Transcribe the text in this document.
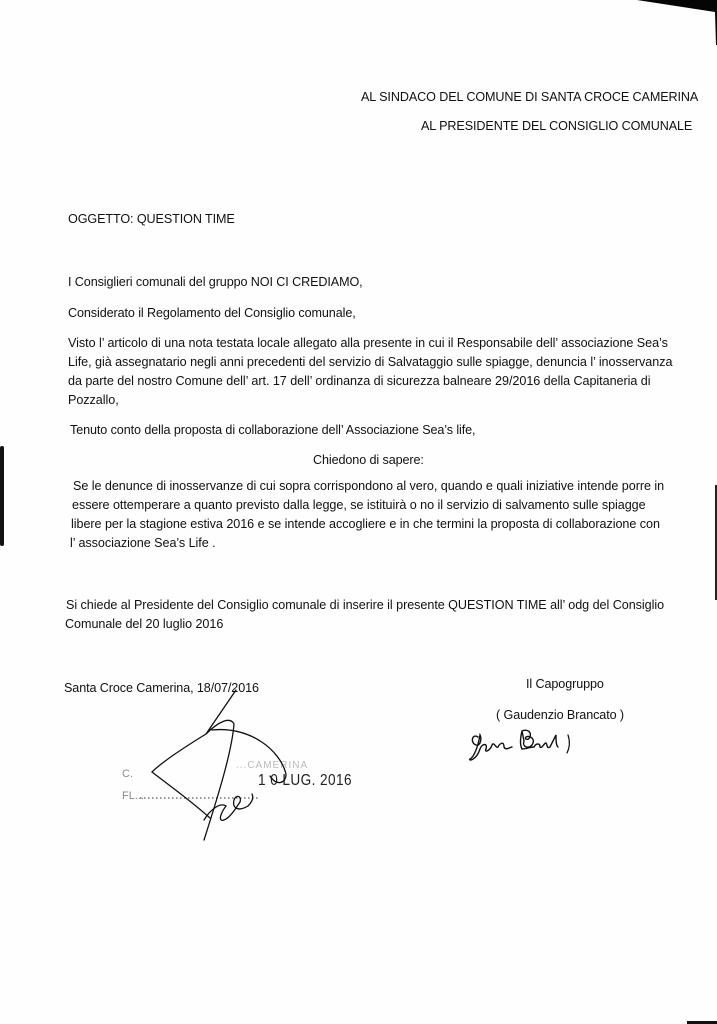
AL SINDACO DEL COMUNE DI SANTA CROCE CAMERINA
AL PRESIDENTE DEL CONSIGLIO COMUNALE
OGGETTO: QUESTION TIME
I Consiglieri comunali del gruppo NOI CI CREDIAMO,
Considerato il Regolamento del Consiglio comunale,
Visto l’ articolo di una nota testata locale allegato alla presente in cui il Responsabile dell’ associazione Sea’s
Life, già assegnatario negli anni precedenti del servizio di Salvataggio sulle spiagge, denuncia l’ inosservanza
da parte del nostro Comune dell’ art. 17 dell’ ordinanza di sicurezza balneare 29/2016 della Capitaneria di
Pozzallo,
Tenuto conto della proposta di collaborazione dell’ Associazione Sea’s life,
Chiedono di sapere:
Se le denunce di inosservanze di cui sopra corrispondono al vero, quando e quali iniziative intende porre in
essere ottemperare a quanto previsto dalla legge, se istituirà o no il servizio di salvamento sulle spiagge
libere per la stagione estiva 2016 e se intende accogliere e in che termini la proposta di collaborazione con
l’ associazione Sea’s Life .
Si chiede al Presidente del Consiglio comunale di inserire il presente QUESTION TIME all’ odg del Consiglio
Comunale del 20 luglio 2016
Santa Croce Camerina, 18/07/2016	Il Capogruppo
( Gaudenzio Brancato )
C.
...CAMERINA
FL...
1 0 LUG. 2016
